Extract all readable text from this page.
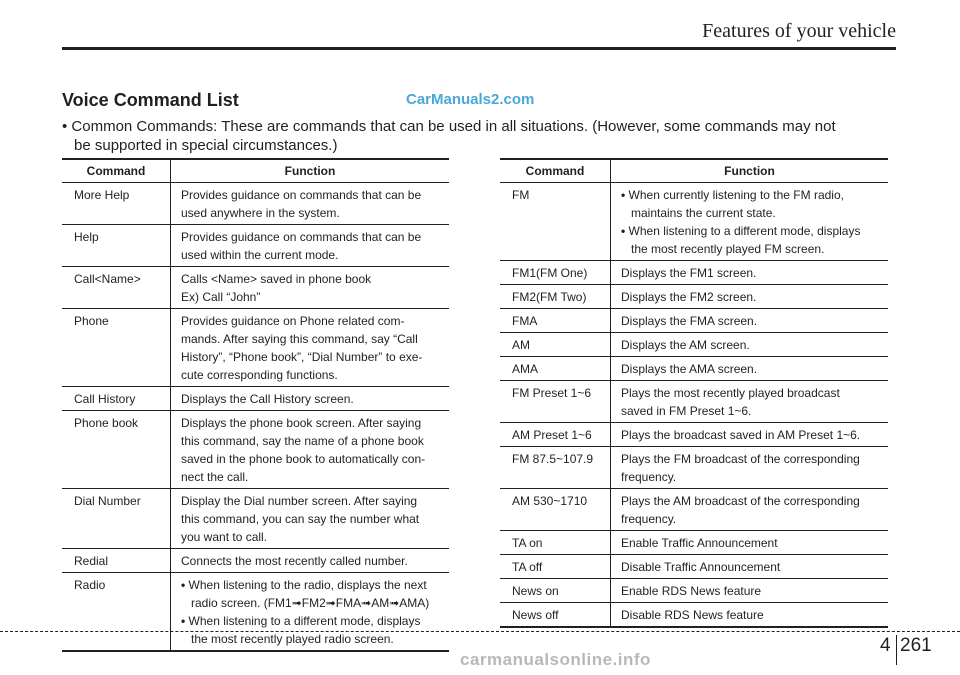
Features of your vehicle
Voice Command List	CarManuals2.com
• Common Commands: These are commands that can be used in all situations. (However, some commands may not
be supported in special circumstances.)
Command	Function
More Help	Provides guidance on commands that can be
used anywhere in the system.

Help	Provides guidance on commands that can be
used within the current mode.

Call<Name>	Calls <Name> saved in phone book
Ex) Call “John”

Phone	Provides guidance on Phone related com-
mands. After saying this command, say “Call
History”, “Phone book”, “Dial Number” to exe-
cute corresponding functions.

Call History	Displays the Call History screen.

Phone book	Displays the phone book screen. After saying
this command, say the name of a phone book
saved in the phone book to automatically con-
nect the call.

Dial Number	Display the Dial number screen. After saying
this command, you can say the number what
you want to call.

Redial	Connects the most recently called number.

Radio	• When listening to the radio, displays the next
radio screen. (FM1➟FM2➟FMA➟AM➟AMA)
• When listening to a different mode, displays
the most recently played radio screen.
Command	Function
FM	• When currently listening to the FM radio,
maintains the current state.
• When listening to a different mode, displays
the most recently played FM screen.

FM1(FM One)	Displays the FM1 screen.

FM2(FM Two)	Displays the FM2 screen.

FMA	Displays the FMA screen.

AM	Displays the AM screen.

AMA	Displays the AMA screen.

FM Preset 1~6	Plays the most recently played broadcast
saved in FM Preset 1~6.

AM Preset 1~6	Plays the broadcast saved in AM Preset 1~6.

FM 87.5~107.9	Plays the FM broadcast of the corresponding
frequency.

AM 530~1710	Plays the AM broadcast of the corresponding
frequency.

TA on	Enable Traffic Announcement

TA off	Disable Traffic Announcement

News on	Enable RDS News feature

News off	Disable RDS News feature
4 261
carmanualsonline.info
